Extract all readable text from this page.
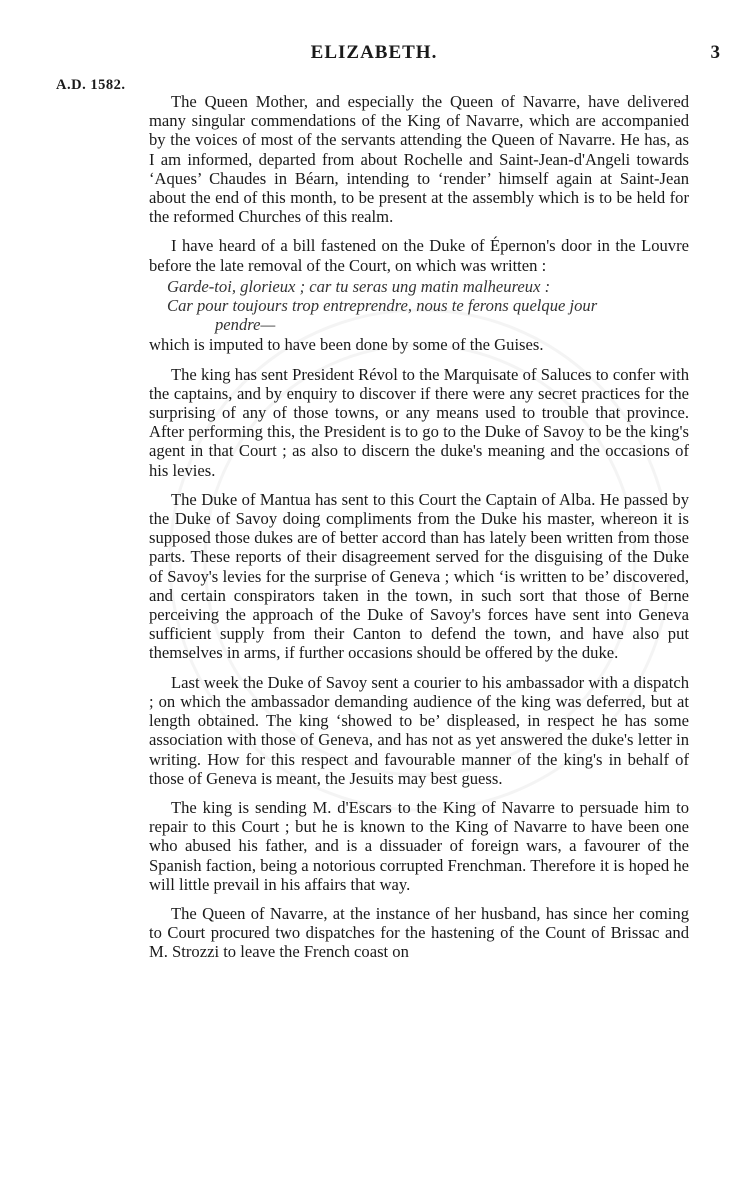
ELIZABETH.	3
A.D. 1582.

The Queen Mother, and especially the Queen of Navarre, have delivered many singular commendations of the King of Navarre, which are accompanied by the voices of most of the servants attending the Queen of Navarre. He has, as I am informed, departed from about Rochelle and Saint-Jean-d'Angeli towards ‘Aques’ Chaudes in Béarn, intending to ‘render’ himself again at Saint-Jean about the end of this month, to be present at the assembly which is to be held for the reformed Churches of this realm.

I have heard of a bill fastened on the Duke of Épernon's door in the Louvre before the late removal of the Court, on which was written :

Garde-toi, glorieux ; car tu seras ung matin malheureux :
Car pour toujours trop entreprendre, nous te ferons quelque jour
pendre—

which is imputed to have been done by some of the Guises.

The king has sent President Révol to the Marquisate of Saluces to confer with the captains, and by enquiry to discover if there were any secret practices for the surprising of any of those towns, or any means used to trouble that province. After performing this, the President is to go to the Duke of Savoy to be the king's agent in that Court ; as also to discern the duke's meaning and the occasions of his levies.

The Duke of Mantua has sent to this Court the Captain of Alba. He passed by the Duke of Savoy doing compliments from the Duke his master, whereon it is supposed those dukes are of better accord than has lately been written from those parts. These reports of their disagreement served for the disguising of the Duke of Savoy's levies for the surprise of Geneva ; which ‘is written to be’ discovered, and certain conspirators taken in the town, in such sort that those of Berne perceiving the approach of the Duke of Savoy's forces have sent into Geneva sufficient supply from their Canton to defend the town, and have also put themselves in arms, if further occasions should be offered by the duke.

Last week the Duke of Savoy sent a courier to his ambassador with a dispatch ; on which the ambassador demanding audience of the king was deferred, but at length obtained. The king ‘showed to be’ displeased, in respect he has some association with those of Geneva, and has not as yet answered the duke's letter in writing. How for this respect and favourable manner of the king's in behalf of those of Geneva is meant, the Jesuits may best guess.

The king is sending M. d'Escars to the King of Navarre to persuade him to repair to this Court ; but he is known to the King of Navarre to have been one who abused his father, and is a dissuader of foreign wars, a favourer of the Spanish faction, being a notorious corrupted Frenchman. Therefore it is hoped he will little prevail in his affairs that way.

The Queen of Navarre, at the instance of her husband, has since her coming to Court procured two dispatches for the hastening of the Count of Brissac and M. Strozzi to leave the French coast on
